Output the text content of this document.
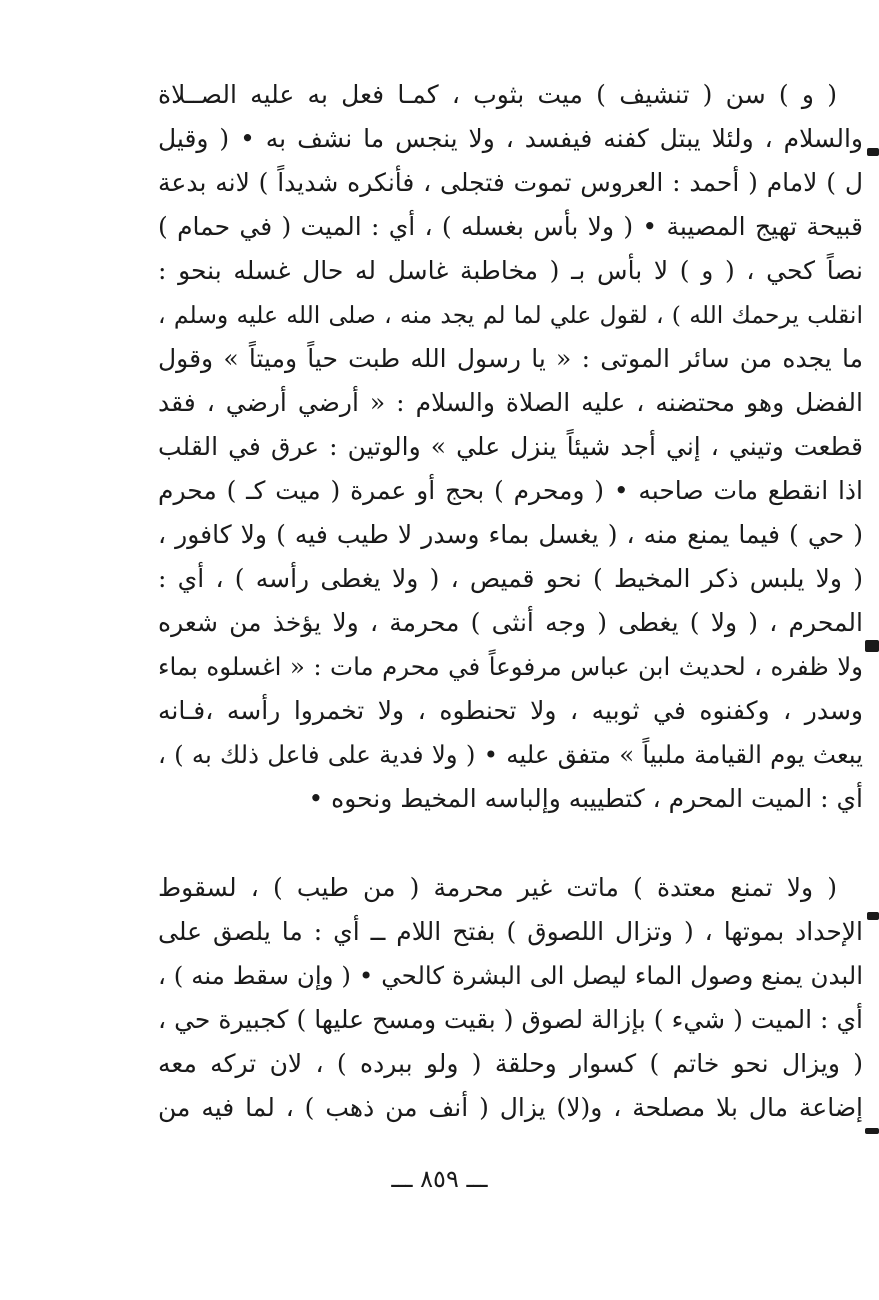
( و ) سن ( تنشيف ) ميت بثوب ، كمـا فعل به عليه الصــلاة
والسلام ، ولئلا يبتل كفنه فيفسد ، ولا ينجس ما نشف به • ( وقيل
ل ) لامام ( أحمد : العروس تموت فتجلى ، فأنكره شديداً ) لانه بدعة
قبيحة تهيج المصيبة • ( ولا بأس بغسله ) ، أي : الميت ( في حمام )
نصاً كحي ، ( و ) لا بأس بـ ( مخاطبة غاسل له حال غسله بنحو :
انقلب يرحمك الله ) ، لقول علي لما لم يجد منه ، صلى الله عليه وسلم ،
ما يجده من سائر الموتى : « يا رسول الله طبت حياً وميتاً » وقول
الفضل وهو محتضنه ، عليه الصلاة والسلام : « أرضي أرضي ، فقد
قطعت وتيني ، إني أجد شيئاً ينزل علي » والوتين : عرق في القلب
اذا انقطع مات صاحبه • ( ومحرم ) بحج أو عمرة ( ميت كـ ) محرم
( حي ) فيما يمنع منه ، ( يغسل بماء وسدر لا طيب فيه ) ولا كافور ،
( ولا يلبس ذكر المخيط ) نحو قميص ، ( ولا يغطى رأسه ) ، أي :
المحرم ، ( ولا ) يغطى ( وجه أنثى ) محرمة ، ولا يؤخذ من شعره
ولا ظفره ، لحديث ابن عباس مرفوعاً في محرم مات : « اغسلوه بماء
وسدر ، وكفنوه في ثوبيه ، ولا تحنطوه ، ولا تخمروا رأسه ،فـانه
يبعث يوم القيامة ملبياً » متفق عليه • ( ولا فدية على فاعل ذلك به ) ،
أي : الميت المحرم ، كتطييبه وإلباسه المخيط ونحوه •
( ولا تمنع معتدة ) ماتت غير محرمة ( من طيب ) ، لسقوط
الإحداد بموتها ، ( وتزال اللصوق ) بفتح اللام ــ أي : ما يلصق على
البدن يمنع وصول الماء ليصل الى البشرة كالحي • ( وإن سقط منه ) ،
أي : الميت ( شيء ) بإزالة لصوق ( بقيت ومسح عليها ) كجبيرة حي ،
( ويزال نحو خاتم ) كسوار وحلقة ( ولو ببرده ) ، لان تركه معه
إضاعة مال بلا مصلحة ، و(لا) يزال ( أنف من ذهب ) ، لما فيه من
ـــ ٨٥٩ ـــ
